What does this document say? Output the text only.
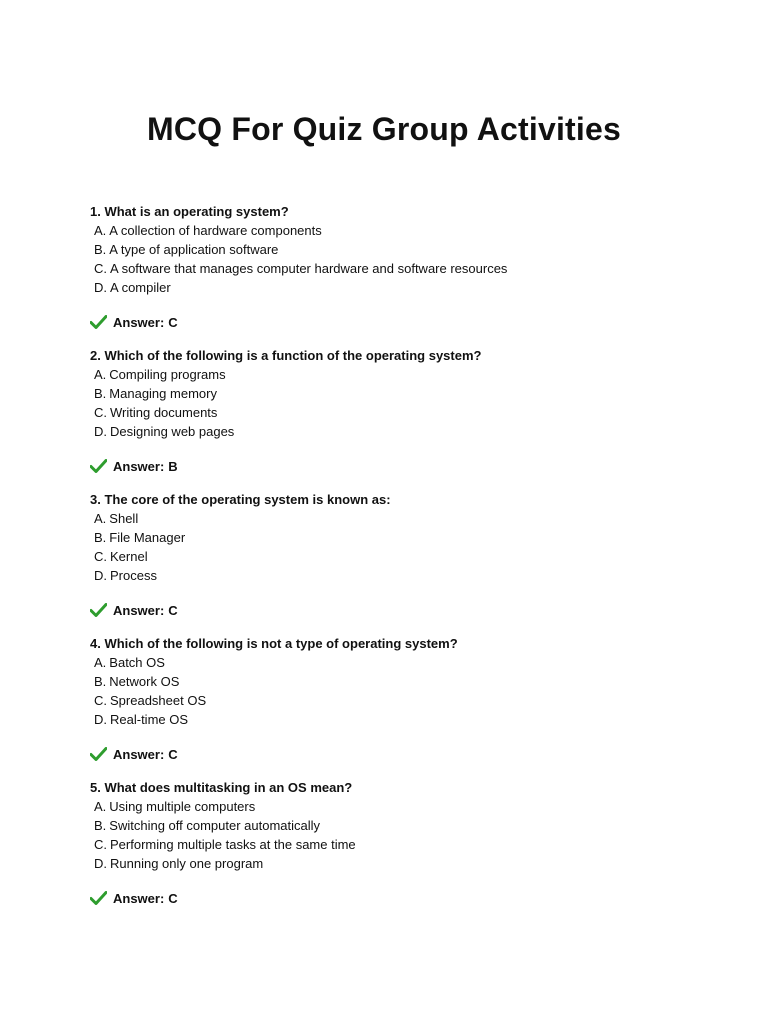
MCQ For Quiz Group Activities
1. What is an operating system?
A. A collection of hardware components
B. A type of application software
C. A software that manages computer hardware and software resources
D. A compiler
Answer: C
2. Which of the following is a function of the operating system?
A. Compiling programs
B. Managing memory
C. Writing documents
D. Designing web pages
Answer: B
3. The core of the operating system is known as:
A. Shell
B. File Manager
C. Kernel
D. Process
Answer: C
4. Which of the following is not a type of operating system?
A. Batch OS
B. Network OS
C. Spreadsheet OS
D. Real-time OS
Answer: C
5. What does multitasking in an OS mean?
A. Using multiple computers
B. Switching off computer automatically
C. Performing multiple tasks at the same time
D. Running only one program
Answer: C
